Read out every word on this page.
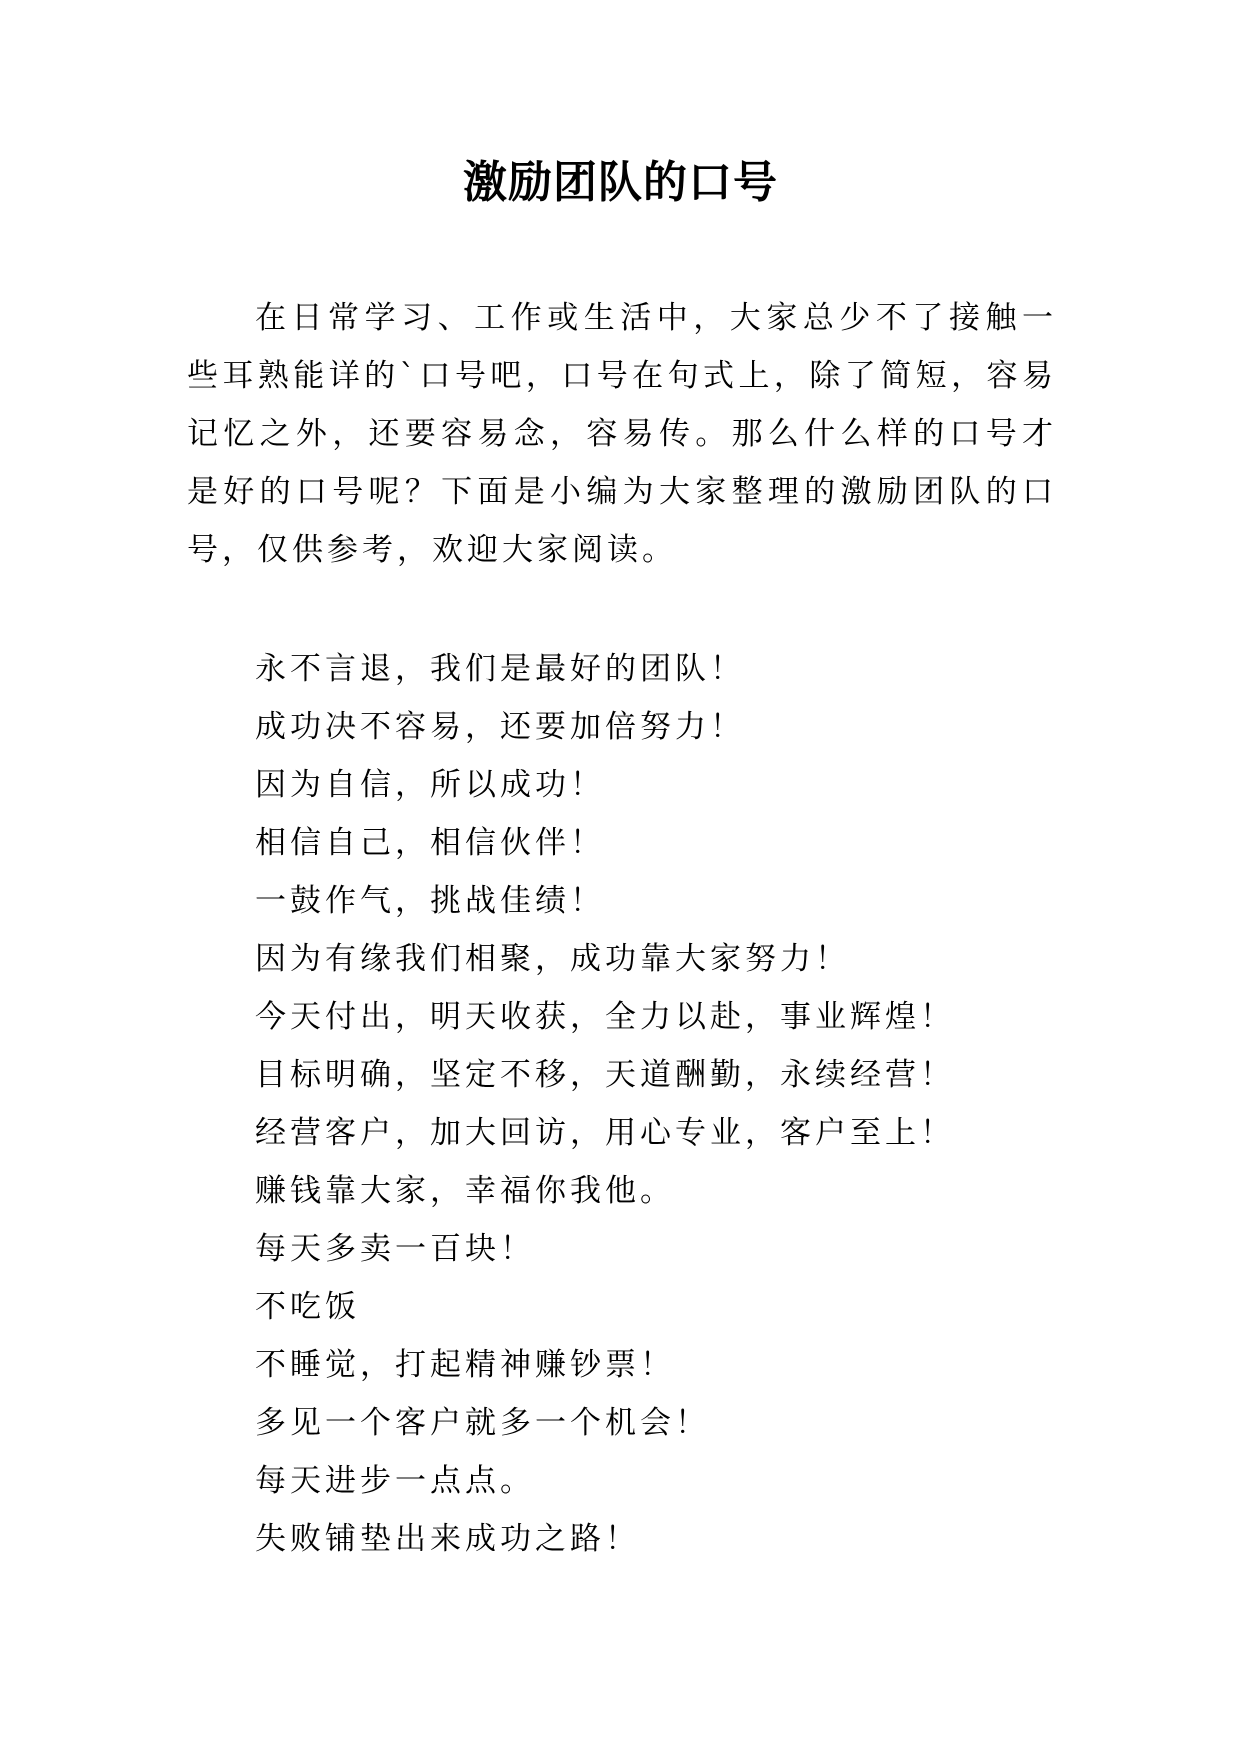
激励团队的口号

在日常学习、工作或生活中，大家总少不了接触一些耳熟能详的`口号吧，口号在句式上，除了简短，容易记忆之外，还要容易念，容易传。那么什么样的口号才是好的口号呢？下面是小编为大家整理的激励团队的口号，仅供参考，欢迎大家阅读。

永不言退，我们是最好的团队！
成功决不容易，还要加倍努力！
因为自信，所以成功！
相信自己，相信伙伴！
一鼓作气，挑战佳绩！
因为有缘我们相聚，成功靠大家努力！
今天付出，明天收获，全力以赴，事业辉煌！
目标明确，坚定不移，天道酬勤，永续经营！
经营客户，加大回访，用心专业，客户至上！
赚钱靠大家，幸福你我他。
每天多卖一百块！
不吃饭
不睡觉，打起精神赚钞票！
多见一个客户就多一个机会！
每天进步一点点。
失败铺垫出来成功之路！
